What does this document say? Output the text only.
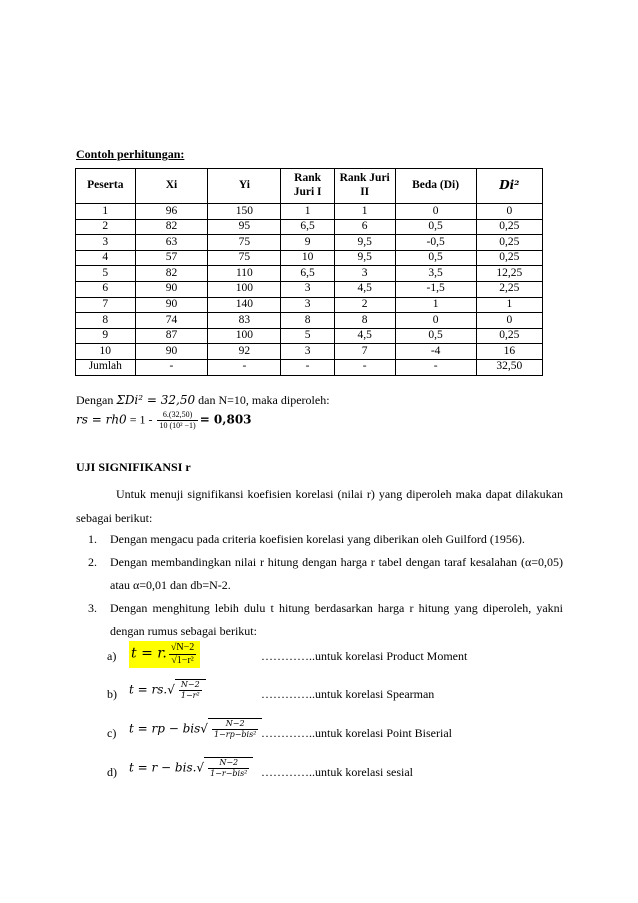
Contoh perhitungan:
Peserta	Xi	Yi	Rank Juri I	Rank Juri II	Beda (Di)	Di²
1	96	150	1	1	0	0
2	82	95	6,5	6	0,5	0,25
3	63	75	9	9,5	-0,5	0,25
4	57	75	10	9,5	0,5	0,25
5	82	110	6,5	3	3,5	12,25
6	90	100	3	4,5	-1,5	2,25
7	90	140	3	2	1	1
8	74	83	8	8	0	0
9	87	100	5	4,5	0,5	0,25
10	90	92	3	7	-4	16
Jumlah	-	-	-	-	-	32,50
Dengan ΣDi² = 32,50 dan N=10, maka diperoleh:
rs = $rh0 = 1 - \frac{6.(32,50)}{\text{10 (10² −1)}} = 0,803$
UJI SIGNIFIKANSI r
Untuk menuji signifikansi koefisien korelasi (nilai r) yang diperoleh maka dapat dilakukan sebagai berikut:
1. Dengan mengacu pada criteria koefisien korelasi yang diberikan oleh Guilford (1956).
2. Dengan membandingkan nilai r hitung dengan harga r tabel dengan taraf kesalahan (α=0,05) atau α=0,01 dan db=N-2.
3. Dengan menghitung lebih dulu t hitung berdasarkan harga r hitung yang diperoleh, yakni dengan rumus sebagai berikut:
a) t = r. $\frac{√N-2}{\text{√1−r²}}$	…………..untuk korelasi Product Moment
b) $t = rs.√ \frac{N-2}{\text{1−r²}}$	…………..untuk korelasi Spearman
c) t = rp − $bis√ \frac{N-2}{\text{1−rp−bis²}}$ …………..untuk korelasi Point Biserial
d) $t = r - bis.√ \frac{N-2}{\text{1−r−bis²}}$ …………..untuk korelasi sesial
